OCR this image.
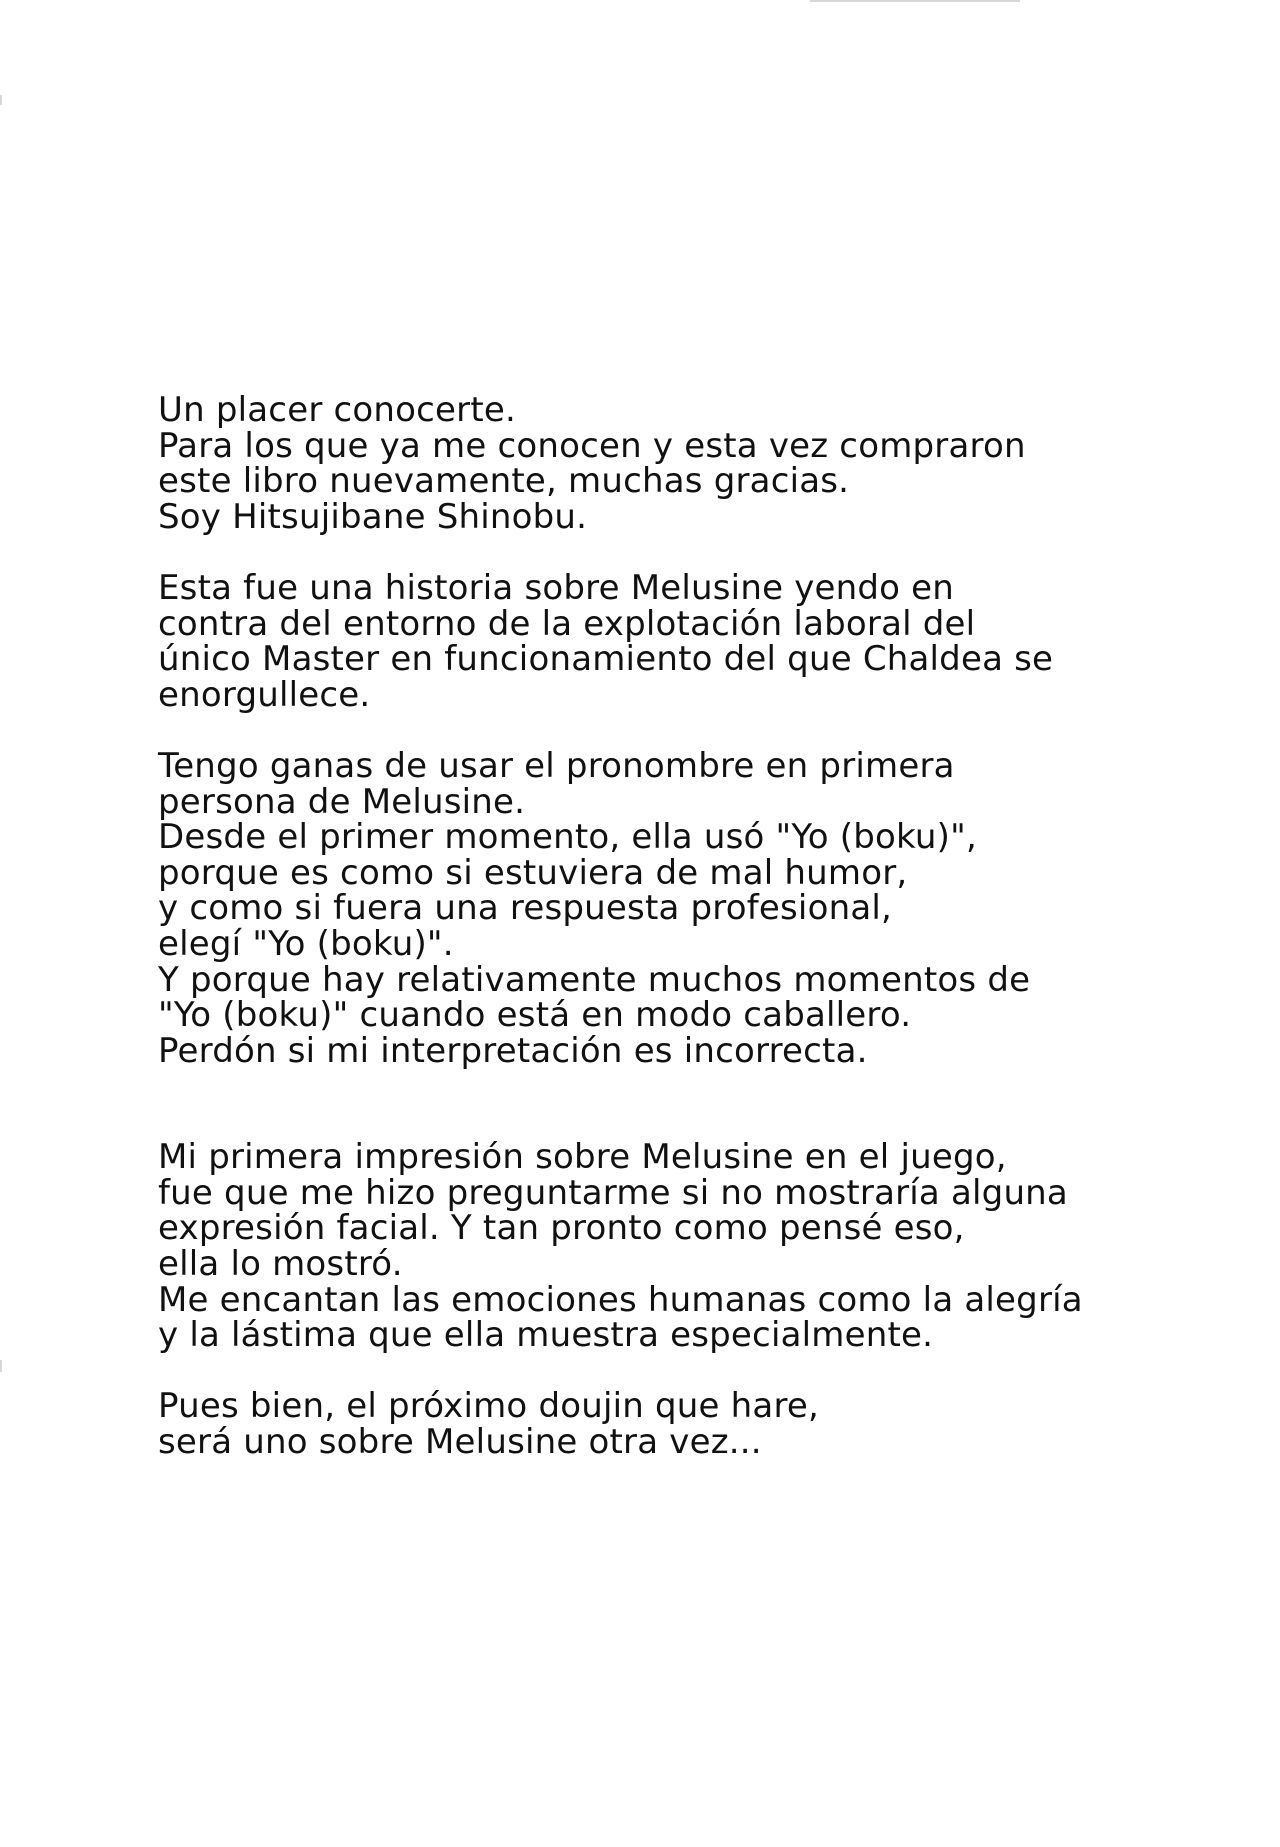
Un placer conocerte.
Para los que ya me conocen y esta vez compraron
este libro nuevamente, muchas gracias.
Soy Hitsujibane Shinobu.

Esta fue una historia sobre Melusine yendo en
contra del entorno de la explotación laboral del
único Master en funcionamiento del que Chaldea se
enorgullece.

Tengo ganas de usar el pronombre en primera
persona de Melusine.
Desde el primer momento, ella usó "Yo (boku)",
porque es como si estuviera de mal humor,
y como si fuera una respuesta profesional,
elegí "Yo (boku)".
Y porque hay relativamente muchos momentos de
"Yo (boku)" cuando está en modo caballero.
Perdón si mi interpretación es incorrecta.

Mi primera impresión sobre Melusine en el juego,
fue que me hizo preguntarme si no mostraría alguna
expresión facial. Y tan pronto como pensé eso,
ella lo mostró.
Me encantan las emociones humanas como la alegría
y la lástima que ella muestra especialmente.

Pues bien, el próximo doujin que hare,
será uno sobre Melusine otra vez...
